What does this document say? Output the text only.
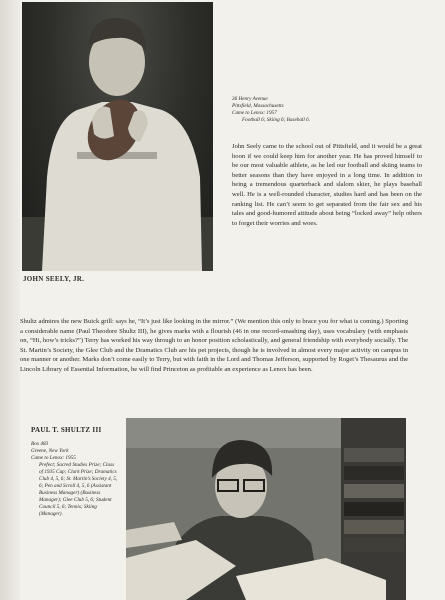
JOHN SEELY, JR.
36 Henry Avenue
Pittsfield, Massachusetts
Came to Lenox: 1957
Football 6; Skiing 6; Baseball 6.

John Seely came to the school out of Pittsfield, and it would be a great boon if we could keep him for another year. He has proved himself to be our most valuable athlete, as he led our football and skiing teams to better seasons than they have enjoyed in a long time. In addition to being a tremendous quarterback and slalom skier, he plays baseball well. He is a well-rounded character, studies hard and has been on the ranking list. He can’t seem to get separated from the fair sex and his tales and good-humored attitude about being “locked away” help others to forget their worries and woes.

Shultz admires the new Buick grill: says he, “It’s just like looking in the mirror.” (We mention this only to brace you for what is coming.) Sporting a considerable name (Paul Theodore Shultz III), he gives marks with a flourish (46 in one record-smashing day), uses vocabulary (with emphasis on, “Hi, how’s tricks?”) Terry has worked his way through to an honor position scholastically, and general friendship with everybody socially. The St. Martin’s Society, the Glee Club and the Dramatics Club are his pet projects, though he is involved in almost every major activity on campus in one manner or another. Marks don’t come easily to Terry, but with faith in the Lord and Thomas Jefferson, supported by Roget’s Thesaurus and the Lincoln Library of Essential Information, he will find Princeton as profitable an experience as Lenox has been.

PAUL T. SHULTZ III
Box 483
Greene, New York
Came to Lenox: 1955
Prefect; Sacred Studies Prize; Class of 1935 Cup; Clark Prize; Dramatics Club 4, 5, 6; St. Martin’s Society 4, 5, 6; Pen and Scroll 4, 5, 6 (Assistant Business Manager) (Business Manager); Glee Club 5, 6; Student Council 5, 6; Tennis; Skiing (Manager).
